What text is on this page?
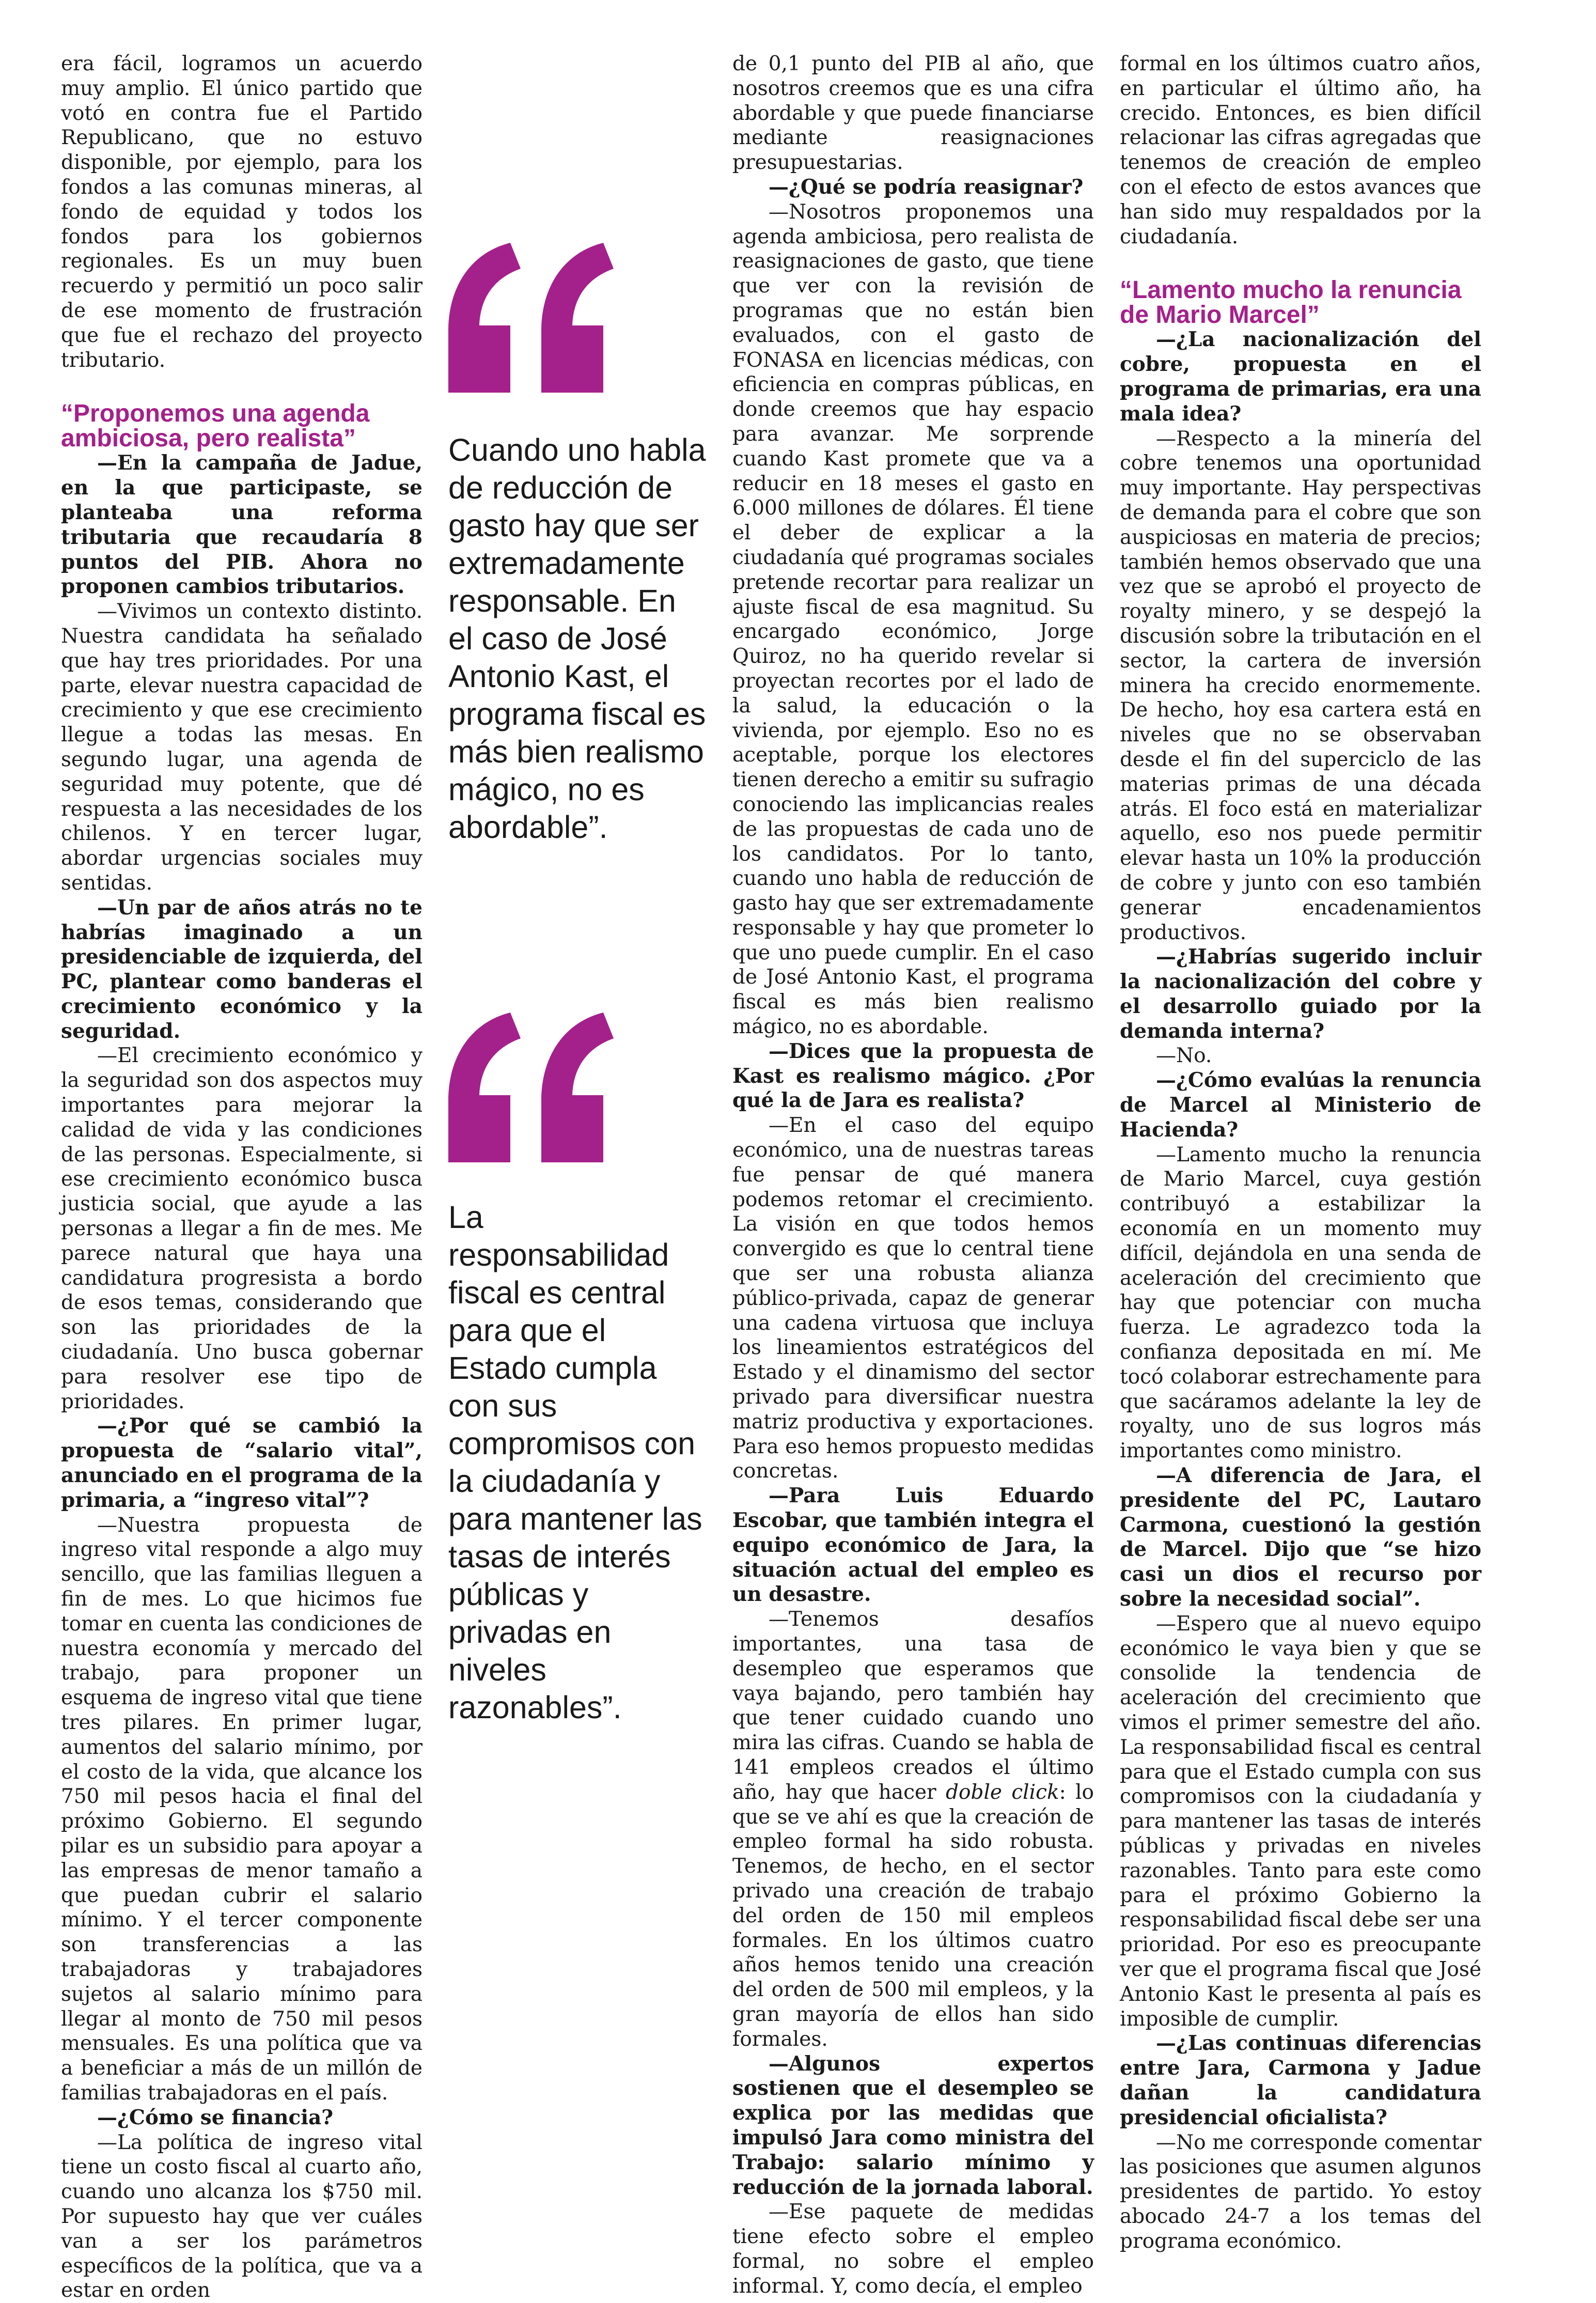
era fácil, logramos un acuerdo muy amplio. El único partido que votó en contra fue el Partido Republicano, que no estuvo disponible, por ejemplo, para los fondos a las comunas mineras, al fondo de equidad y todos los fondos para los gobiernos regionales. Es un muy buen recuerdo y permitió un poco salir de ese momento de frustración que fue el rechazo del proyecto tributario.

“Proponemos una agenda ambiciosa, pero realista”

—En la campaña de Jadue, en la que participaste, se planteaba una reforma tributaria que recaudaría 8 puntos del PIB. Ahora no proponen cambios tributarios.

—Vivimos un contexto distinto. Nuestra candidata ha señalado que hay tres prioridades. Por una parte, elevar nuestra capacidad de crecimiento y que ese crecimiento llegue a todas las mesas. En segundo lugar, una agenda de seguridad muy potente, que dé respuesta a las necesidades de los chilenos. Y en tercer lugar, abordar urgencias sociales muy sentidas.

—Un par de años atrás no te habrías imaginado a un presidenciable de izquierda, del PC, plantear como banderas el crecimiento económico y la seguridad.

—El crecimiento económico y la seguridad son dos aspectos muy importantes para mejorar la calidad de vida y las condiciones de las personas. Especialmente, si ese crecimiento económico busca justicia social, que ayude a las personas a llegar a fin de mes. Me parece natural que haya una candidatura progresista a bordo de esos temas, considerando que son las prioridades de la ciudadanía. Uno busca gobernar para resolver ese tipo de prioridades.

—¿Por qué se cambió la propuesta de “salario vital”, anunciado en el programa de la primaria, a “ingreso vital”?

—Nuestra propuesta de ingreso vital responde a algo muy sencillo, que las familias lleguen a fin de mes. Lo que hicimos fue tomar en cuenta las condiciones de nuestra economía y mercado del trabajo, para proponer un esquema de ingreso vital que tiene tres pilares. En primer lugar, aumentos del salario mínimo, por el costo de la vida, que alcance los 750 mil pesos hacia el final del próximo Gobierno. El segundo pilar es un subsidio para apoyar a las empresas de menor tamaño a que puedan cubrir el salario mínimo. Y el tercer componente son transferencias a las trabajadoras y trabajadores sujetos al salario mínimo para llegar al monto de 750 mil pesos mensuales. Es una política que va a beneficiar a más de un millón de familias trabajadoras en el país.

—¿Cómo se financia?

—La política de ingreso vital tiene un costo fiscal al cuarto año, cuando uno alcanza los $750 mil. Por supuesto hay que ver cuáles van a ser los parámetros específicos de la política, que va a estar en orden

Cuando uno habla de reducción de gasto hay que ser extremadamente responsable. En el caso de José Antonio Kast, el programa fiscal es más bien realismo mágico, no es abordable”.
La responsabilidad fiscal es central para que el Estado cumpla con sus compromisos con la ciudadanía y para mantener las tasas de interés públicas y privadas en niveles razonables”.

de 0,1 punto del PIB al año, que nosotros creemos que es una cifra abordable y que puede financiarse mediante reasignaciones presupuestarias.

—¿Qué se podría reasignar?

—Nosotros proponemos una agenda ambiciosa, pero realista de reasignaciones de gasto, que tiene que ver con la revisión de programas que no están bien evaluados, con el gasto de FONASA en licencias médicas, con eficiencia en compras públicas, en donde creemos que hay espacio para avanzar. Me sorprende cuando Kast promete que va a reducir en 18 meses el gasto en 6.000 millones de dólares. Él tiene el deber de explicar a la ciudadanía qué programas sociales pretende recortar para realizar un ajuste fiscal de esa magnitud. Su encargado económico, Jorge Quiroz, no ha querido revelar si proyectan recortes por el lado de la salud, la educación o la vivienda, por ejemplo. Eso no es aceptable, porque los electores tienen derecho a emitir su sufragio conociendo las implicancias reales de las propuestas de cada uno de los candidatos. Por lo tanto, cuando uno habla de reducción de gasto hay que ser extremadamente responsable y hay que prometer lo que uno puede cumplir. En el caso de José Antonio Kast, el programa fiscal es más bien realismo mágico, no es abordable.

—Dices que la propuesta de Kast es realismo mágico. ¿Por qué la de Jara es realista?

—En el caso del equipo económico, una de nuestras tareas fue pensar de qué manera podemos retomar el crecimiento. La visión en que todos hemos convergido es que lo central tiene que ser una robusta alianza público-privada, capaz de generar una cadena virtuosa que incluya los lineamientos estratégicos del Estado y el dinamismo del sector privado para diversificar nuestra matriz productiva y exportaciones. Para eso hemos propuesto medidas concretas.

—Para Luis Eduardo Escobar, que también integra el equipo económico de Jara, la situación actual del empleo es un desastre.

—Tenemos desafíos importantes, una tasa de desempleo que esperamos que vaya bajando, pero también hay que tener cuidado cuando uno mira las cifras. Cuando se habla de 141 empleos creados el último año, hay que hacer doble click: lo que se ve ahí es que la creación de empleo formal ha sido robusta. Tenemos, de hecho, en el sector privado una creación de trabajo del orden de 150 mil empleos formales. En los últimos cuatro años hemos tenido una creación del orden de 500 mil empleos, y la gran mayoría de ellos han sido formales.

—Algunos expertos sostienen que el desempleo se explica por las medidas que impulsó Jara como ministra del Trabajo: salario mínimo y reducción de la jornada laboral.

—Ese paquete de medidas tiene efecto sobre el empleo formal, no sobre el empleo informal. Y, como decía, el empleo

formal en los últimos cuatro años, en particular el último año, ha crecido. Entonces, es bien difícil relacionar las cifras agregadas que tenemos de creación de empleo con el efecto de estos avances que han sido muy respaldados por la ciudadanía.

“Lamento mucho la renuncia de Mario Marcel”

—¿La nacionalización del cobre, propuesta en el programa de primarias, era una mala idea?

—Respecto a la minería del cobre tenemos una oportunidad muy importante. Hay perspectivas de demanda para el cobre que son auspiciosas en materia de precios; también hemos observado que una vez que se aprobó el proyecto de royalty minero, y se despejó la discusión sobre la tributación en el sector, la cartera de inversión minera ha crecido enormemente. De hecho, hoy esa cartera está en niveles que no se observaban desde el fin del superciclo de las materias primas de una década atrás. El foco está en materializar aquello, eso nos puede permitir elevar hasta un 10% la producción de cobre y junto con eso también generar encadenamientos productivos.

—¿Habrías sugerido incluir la nacionalización del cobre y el desarrollo guiado por la demanda interna?

—No.

—¿Cómo evalúas la renuncia de Marcel al Ministerio de Hacienda?

—Lamento mucho la renuncia de Mario Marcel, cuya gestión contribuyó a estabilizar la economía en un momento muy difícil, dejándola en una senda de aceleración del crecimiento que hay que potenciar con mucha fuerza. Le agradezco toda la confianza depositada en mí. Me tocó colaborar estrechamente para que sacáramos adelante la ley de royalty, uno de sus logros más importantes como ministro.

—A diferencia de Jara, el presidente del PC, Lautaro Carmona, cuestionó la gestión de Marcel. Dijo que “se hizo casi un dios el recurso por sobre la necesidad social”.

—Espero que al nuevo equipo económico le vaya bien y que se consolide la tendencia de aceleración del crecimiento que vimos el primer semestre del año. La responsabilidad fiscal es central para que el Estado cumpla con sus compromisos con la ciudadanía y para mantener las tasas de interés públicas y privadas en niveles razonables. Tanto para este como para el próximo Gobierno la responsabilidad fiscal debe ser una prioridad. Por eso es preocupante ver que el programa fiscal que José Antonio Kast le presenta al país es imposible de cumplir.

—¿Las continuas diferencias entre Jara, Carmona y Jadue dañan la candidatura presidencial oficialista?

—No me corresponde comentar las posiciones que asumen algunos presidentes de partido. Yo estoy abocado 24-7 a los temas del programa económico.
